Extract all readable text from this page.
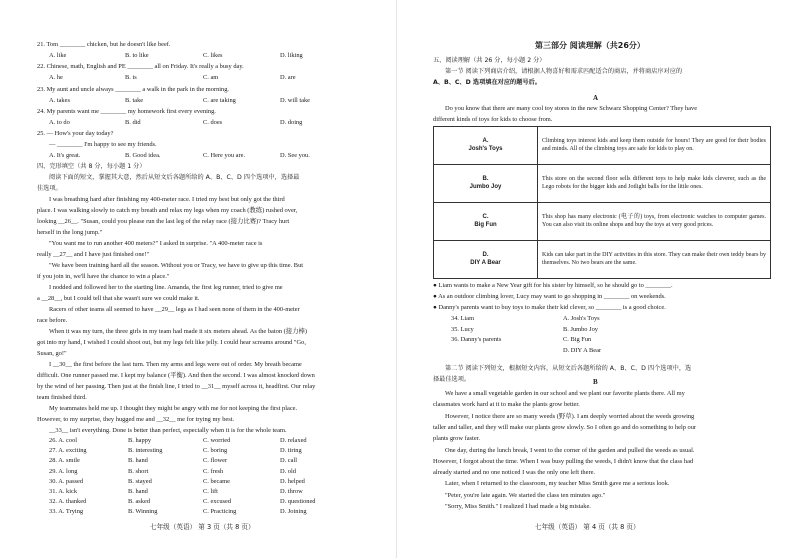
21. Tom ________ chicken, but he doesn't like beef.
A. like	B. to like	C. likes	D. liking
22. Chinese, math, English and PE ________ all on Friday. It's really a busy day.
A. he	B. is	C. am	D. are
23. My aunt and uncle always ________ a walk in the park in the morning.
A. takes	B. take	C. are taking	D. will take
24. My parents want me ________ my homework first every evening.
A. to do	B. did	C. does	D. doing
25. — How's your day today?
— ________ I'm happy to see my friends.
A. It's great.	B. Good idea.	C. Here you are.	D. See you.
四、完形填空（共 8 分，每小题 1 分）
阅读下面的短文，掌握其大意，然后从短文后各题所给的 A、B、C、D 四个选项中，选择最
佳选项。
I was breathing hard after finishing my 400-meter race. I tried my best but only got the third
place. I was walking slowly to catch my breath and relax my legs when my coach (教练) rushed over,
looking __26__. "Susan, could you please run the last leg of the relay race (接力比赛)? Tracy hurt
herself in the long jump."
"You want me to run another 400 meters?" I asked in surprise. "A 400-meter race is
really __27__ and I have just finished one!"
"We have been training hard all the season. Without you or Tracy, we have to give up this time. But
if you join in, we'll have the chance to win a place."
I nodded and followed her to the starting line. Amanda, the first leg runner, tried to give me
a __28__, but I could tell that she wasn't sure we could make it.
Racers of other teams all seemed to have __29__ legs as I had seen none of them in the 400-meter
race before.
When it was my turn, the three girls in my team had made it six meters ahead. As the baton (接力棒)
got into my hand, I wished I could shoot out, but my legs felt like jelly. I could hear screams around "Go,
Susan, go!"
I __30__ the first before the last turn. Then my arms and legs were out of order. My breath became
difficult. One runner passed me. I kept my balance (平衡). And then the second. I was almost knocked down
by the wind of her passing. Then just at the finish line, I tried to __31__ myself across it, headfirst. Our relay
team finished third.
My teammates held me up. I thought they might be angry with me for not keeping the first place.
However, to my surprise, they hugged me and __32__ me for trying my best.
__33__ isn't everything. Done is better than perfect, especially when it is for the whole team.
26. A. cool	B. happy	C. worried	D. relaxed
27. A. exciting	B. interesting	C. boring	D. tiring
28. A. smile	B. hand	C. flower	D. call
29. A. long	B. short	C. fresh	D. old
30. A. passed	B. stayed	C. became	D. helped
31. A. kick	B. hand	C. lift	D. throw
32. A. thanked	B. asked	C. excused	D. questioned
33. A. Trying	B. Winning	C. Practicing	D. Joining
七年级（英语） 第 3 页（共 8 页）
第三部分 阅读理解（共26分）
五、阅读理解（共 26 分，每小题 2 分）
第一节 阅读下列商店介绍，请根据人物喜好和需求匹配适合的商店，并将商店序对应的
A、B、C、D 选项填在对应的题号后。
A
Do you know that there are many cool toy stores in the new Schwarz Shopping Center? They have
different kinds of toys for kids to choose from.
A.
Josh's Toys	Climbing toys interest kids and keep them outside for hours! They are good for their bodies and minds. All of the climbing toys are safe for kids to play on.

B.
Jumbo Joy	This store on the second floor sells different toys to help make kids cleverer, such as the Lego robots for the bigger kids and Jotlight balls for the little ones.

C.
Big Fun	This shop has many electronic (电子的) toys, from electronic watches to computer games. You can also visit its online shops and buy the toys at very good prices.

D.
DIY A Bear	Kids can take part in the DIY activities in this store. They can make their own teddy bears by themselves. No two bears are the same.
● Liam wants to make a New Year gift for his sister by himself, so he should go to ________.
● As an outdoor climbing lover, Lucy may want to go shopping in ________ on weekends.
● Danny's parents want to buy toys to make their kid clever, so ________ is a good choice.
34. Liam	A. Josh's Toys
35. Lucy	B. Jumbo Joy
36. Danny's parents	C. Big Fun
D. DIY A Bear
第二节 阅读下列短文，根据短文内容，从短文后各题所给的 A、B、C、D 四个选项中，选
择最佳选项。	B
We have a small vegetable garden in our school and we plant our favorite plants there. All my
classmates work hard at it to make the plants grow better.
However, I notice there are so many weeds (野草). I am deeply worried about the weeds growing
taller and taller, and they will make our plants grow slowly. So I often go and do something to help our
plants grow faster.
One day, during the lunch break, I went to the corner of the garden and pulled the weeds as usual.
However, I forgot about the time. When I was busy pulling the weeds, I didn't know that the class had
already started and no one noticed I was the only one left there.
Later, when I returned to the classroom, my teacher Miss Smith gave me a serious look.
"Peter, you're late again. We started the class ten minutes ago."
"Sorry, Miss Smith." I realized I had made a big mistake.
七年级（英语） 第 4 页（共 8 页）
